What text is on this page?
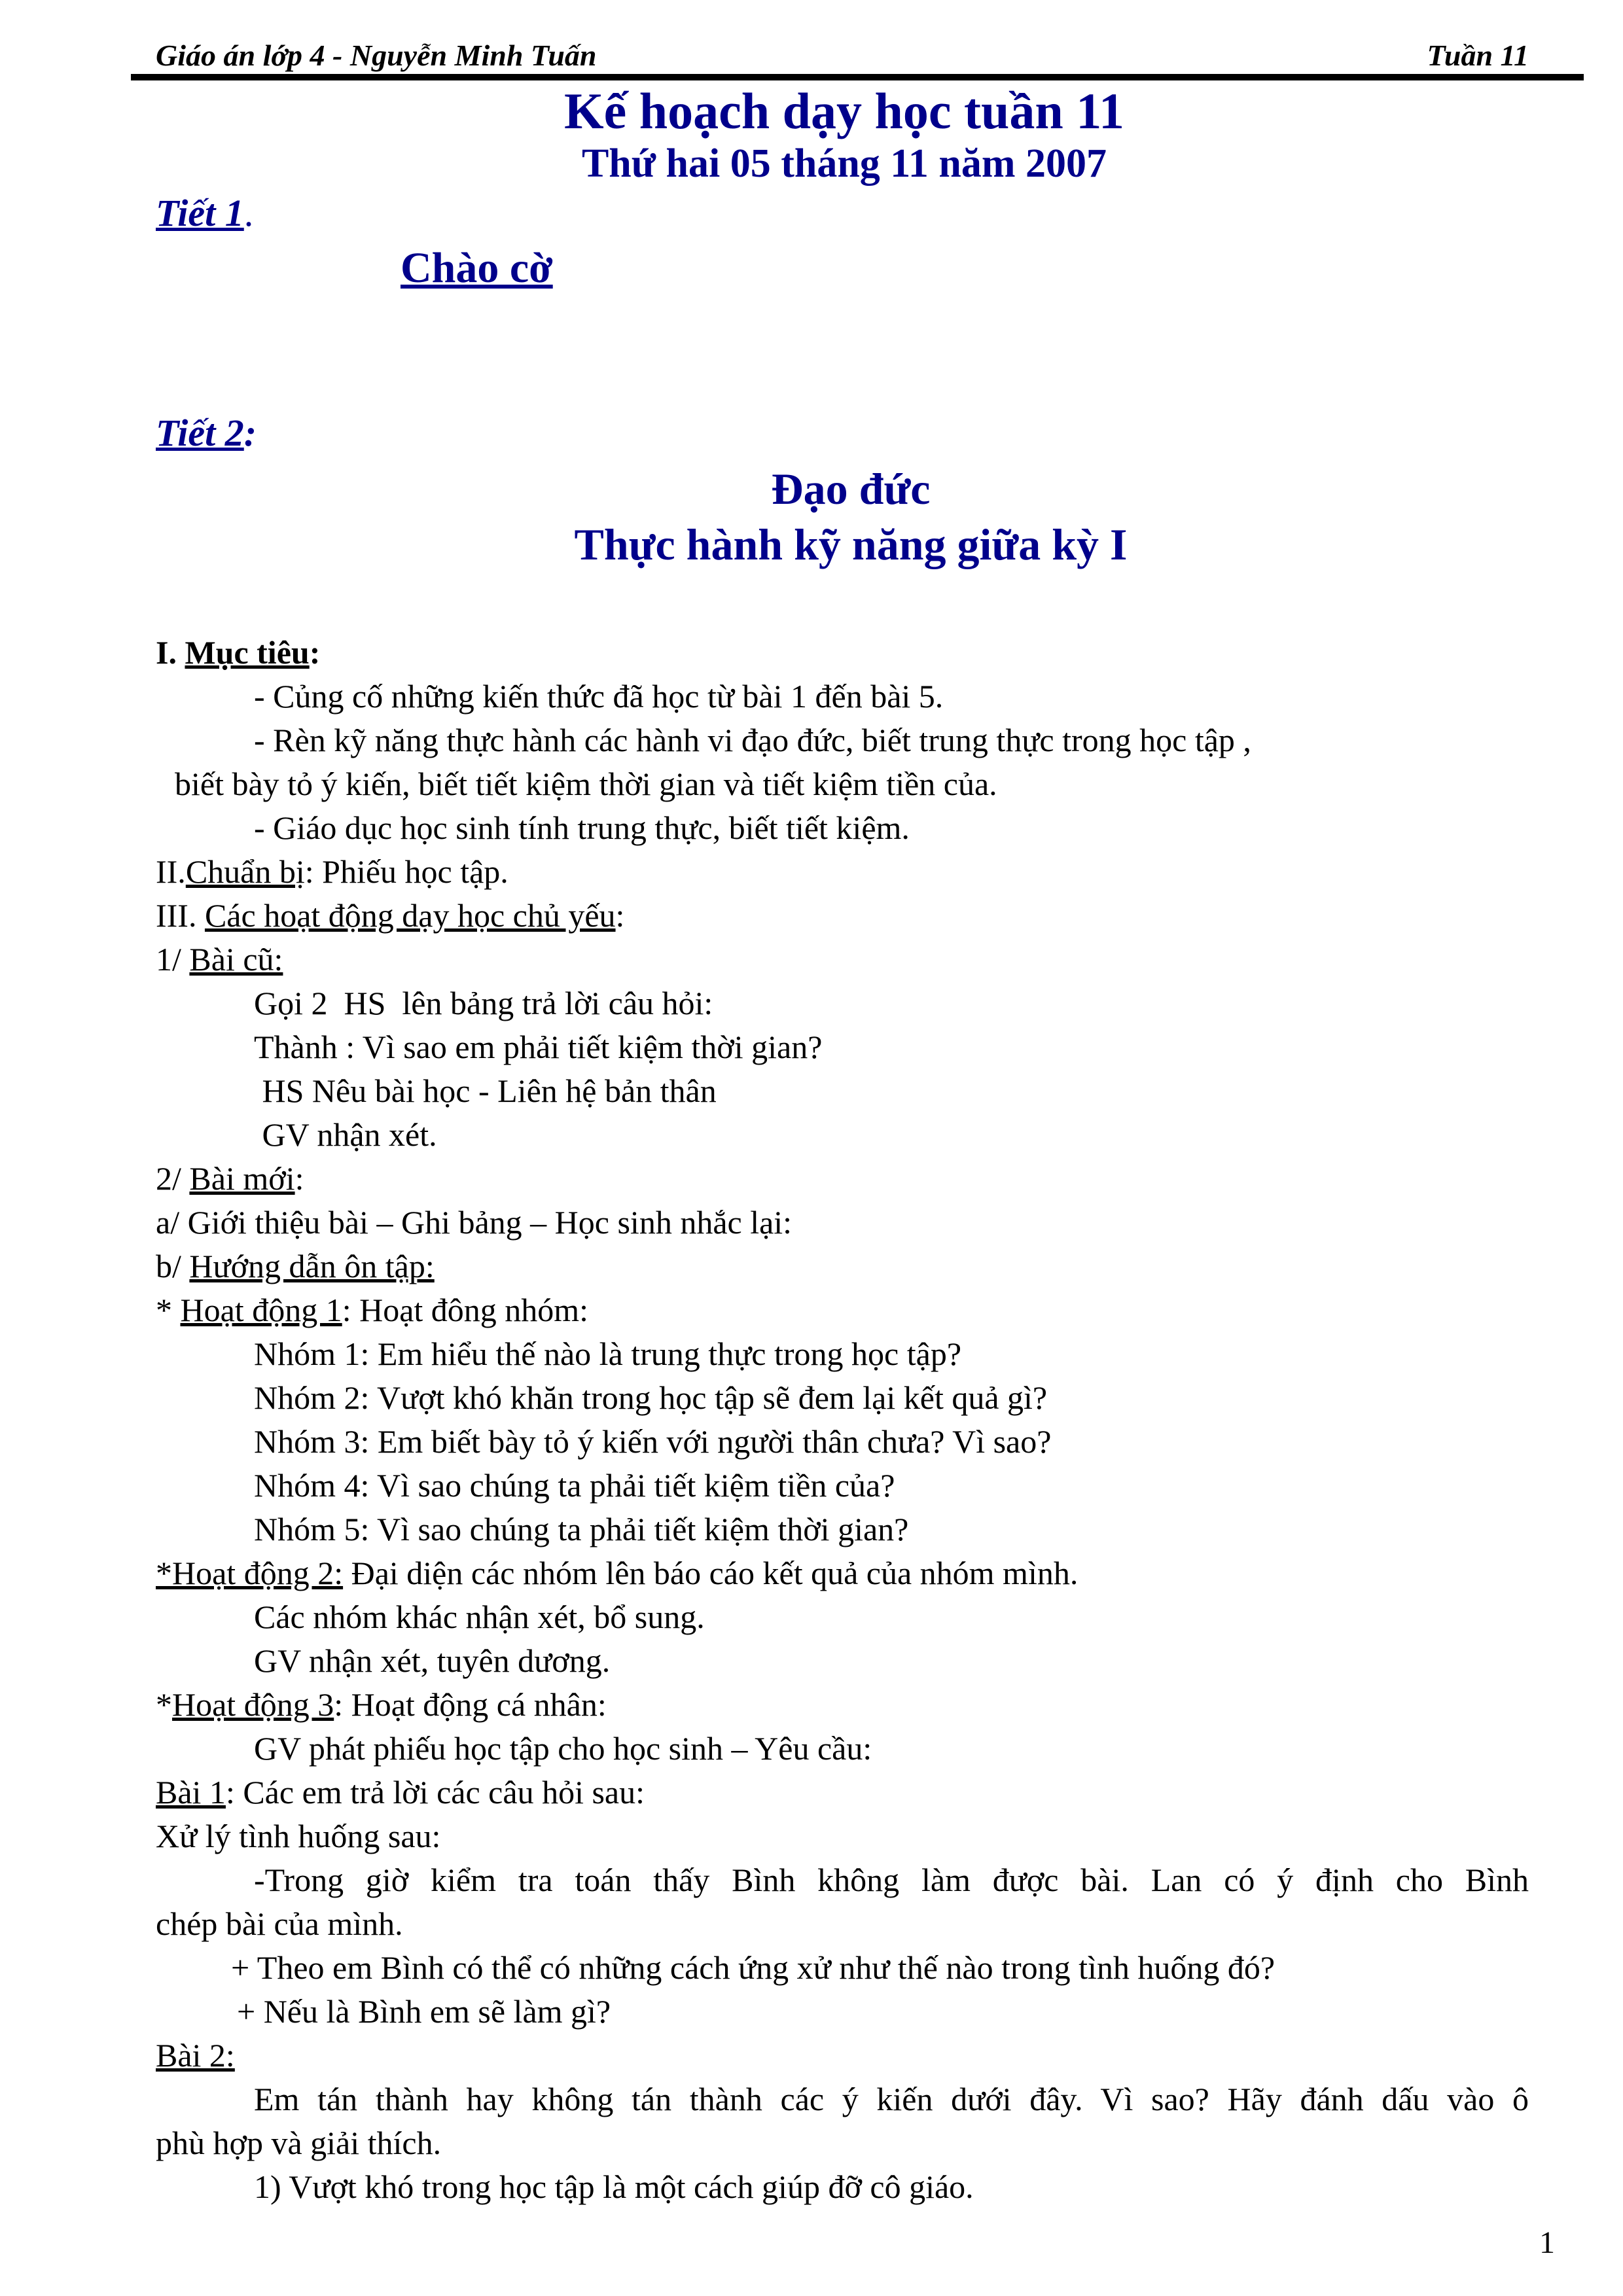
Giáo án lớp 4 - Nguyễn Minh Tuấn	Tuần 11
Kế hoạch dạy học tuần 11
Thứ hai 05 tháng 11 năm 2007
Tiết 1.
Chào cờ
Tiết 2:
Đạo đức
Thực hành kỹ năng giữa kỳ I
I. Mục tiêu:
- Củng cố những kiến thức đã học từ bài 1 đến bài 5.
- Rèn kỹ năng thực hành các hành vi đạo đức, biết trung thực trong học tập ,
biết bày tỏ ý kiến, biết tiết kiệm thời gian và tiết kiệm tiền của.
- Giáo dục học sinh tính trung thực, biết tiết kiệm.
II.Chuẩn bị: Phiếu học tập.
III. Các hoạt động dạy học chủ yếu:
1/ Bài cũ:
Gọi 2  HS  lên bảng trả lời câu hỏi:
Thành : Vì sao em phải tiết kiệm thời gian?
HS Nêu bài học - Liên hệ bản thân
GV nhận xét.
2/ Bài mới:
a/ Giới thiệu bài – Ghi bảng – Học sinh nhắc lại:
b/ Hướng dẫn ôn tập:
* Hoạt động 1: Hoạt đông nhóm:
Nhóm 1: Em hiểu thế nào là trung thực trong học tập?
Nhóm 2: Vượt khó khăn trong học tập sẽ đem lại kết quả gì?
Nhóm 3: Em biết bày tỏ ý kiến với người thân chưa? Vì sao?
Nhóm 4: Vì sao chúng ta phải tiết kiệm tiền của?
Nhóm 5: Vì sao chúng ta phải tiết kiệm thời gian?
*Hoạt động 2: Đại diện các nhóm lên báo cáo kết quả của nhóm mình.
Các nhóm khác nhận xét, bổ sung.
GV nhận xét, tuyên dương.
*Hoạt động 3: Hoạt động cá nhân:
GV phát phiếu học tập cho học sinh – Yêu cầu:
Bài 1: Các em trả lời các câu hỏi sau:
Xử lý tình huống sau:
-Trong giờ kiểm tra toán thấy Bình không làm được bài. Lan có ý định cho Bình
chép bài của mình.
+ Theo em Bình có thể có những cách ứng xử như thế nào trong tình huống đó?
+ Nếu là Bình em sẽ làm gì?
Bài 2:
Em tán thành hay không tán thành các ý kiến dưới đây. Vì sao? Hãy đánh dấu vào ô
phù hợp và giải thích.
1) Vượt khó trong học tập là một cách giúp đỡ cô giáo.
1
